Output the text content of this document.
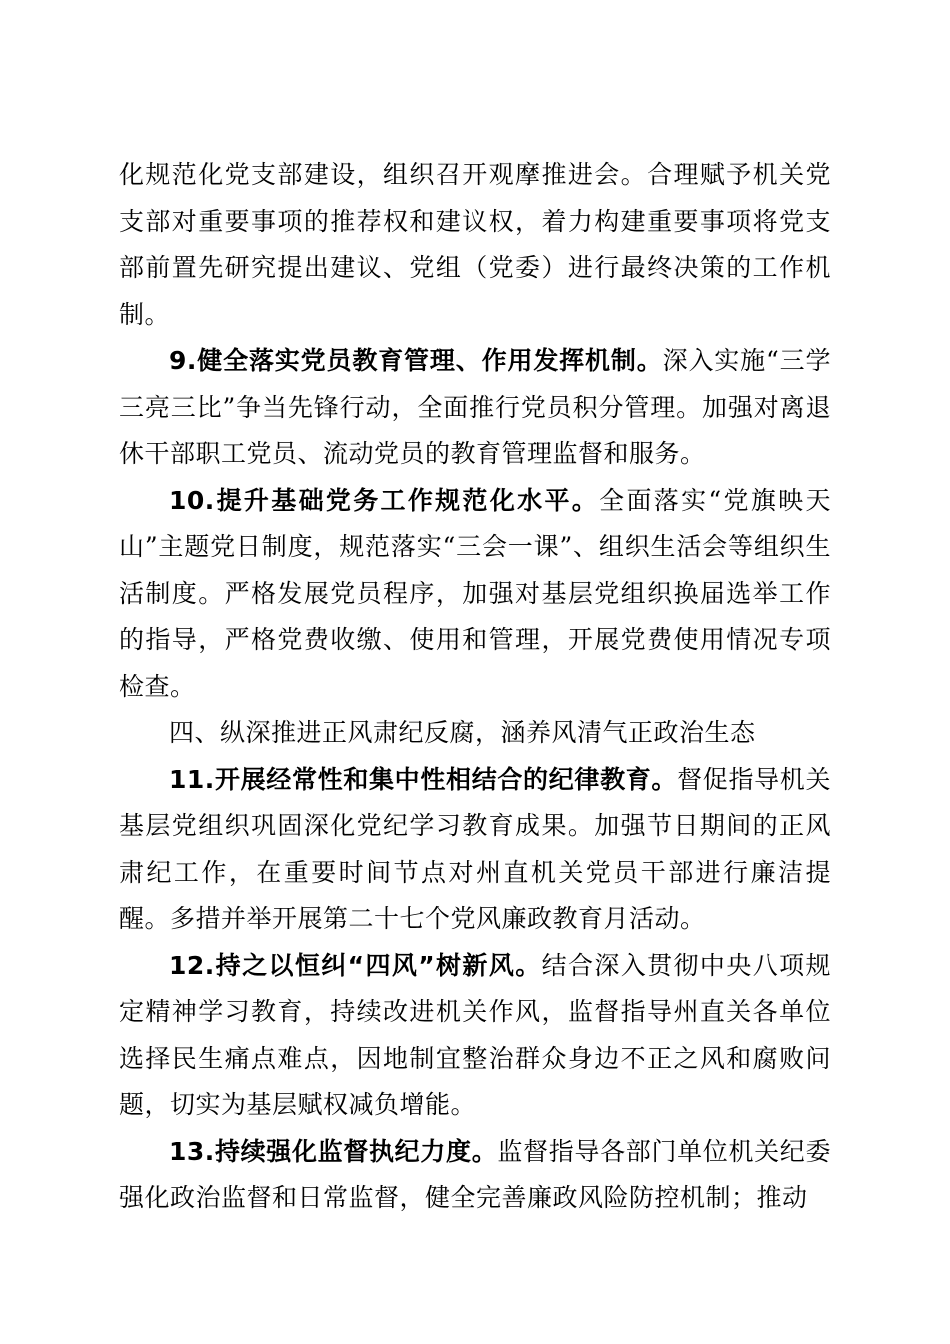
化规范化党支部建设，组织召开观摩推进会。合理赋予机关党支部对重要事项的推荐权和建议权，着力构建重要事项将党支部前置先研究提出建议、党组（党委）进行最终决策的工作机制。

9.健全落实党员教育管理、作用发挥机制。深入实施“三学三亮三比”争当先锋行动，全面推行党员积分管理。加强对离退休干部职工党员、流动党员的教育管理监督和服务。

10.提升基础党务工作规范化水平。全面落实“党旗映天山”主题党日制度，规范落实“三会一课”、组织生活会等组织生活制度。严格发展党员程序，加强对基层党组织换届选举工作的指导，严格党费收缴、使用和管理，开展党费使用情况专项检查。

四、纵深推进正风肃纪反腐，涵养风清气正政治生态

11.开展经常性和集中性相结合的纪律教育。督促指导机关基层党组织巩固深化党纪学习教育成果。加强节日期间的正风肃纪工作，在重要时间节点对州直机关党员干部进行廉洁提醒。多措并举开展第二十七个党风廉政教育月活动。

12.持之以恒纠“四风”树新风。结合深入贯彻中央八项规定精神学习教育，持续改进机关作风，监督指导州直关各单位选择民生痛点难点，因地制宜整治群众身边不正之风和腐败问题，切实为基层赋权减负增能。

13.持续强化监督执纪力度。监督指导各部门单位机关纪委强化政治监督和日常监督，健全完善廉政风险防控机制；推动
